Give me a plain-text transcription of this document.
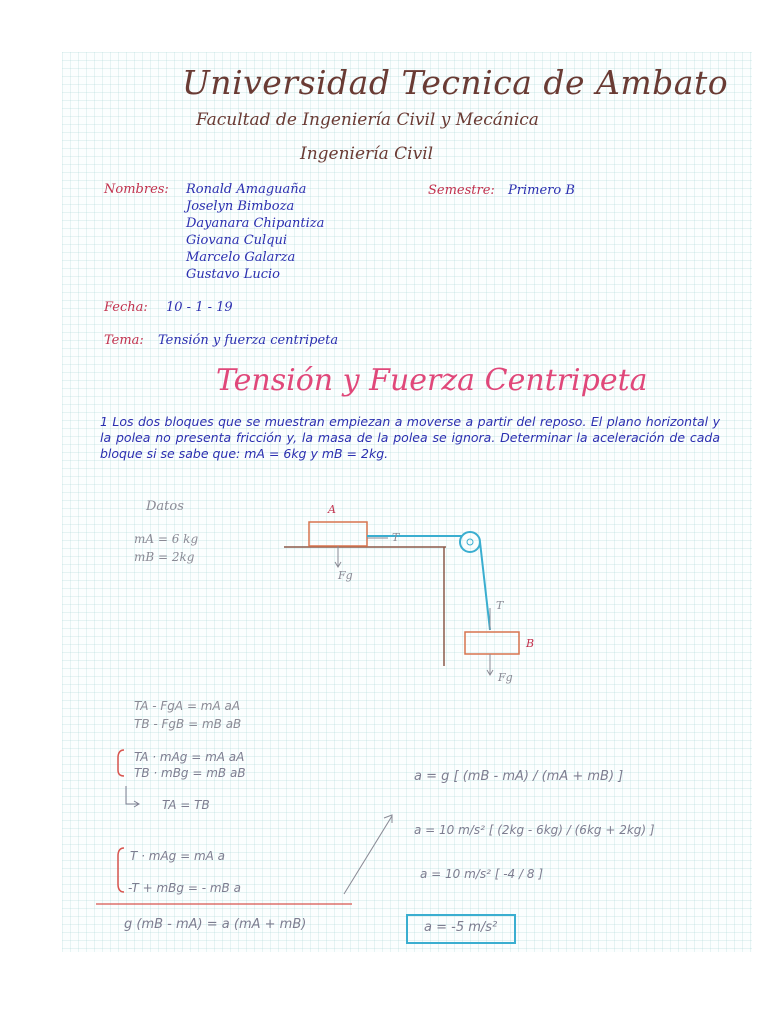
Universidad Tecnica de Ambato
Facultad de Ingeniería Civil y Mecánica
Ingeniería Civil
Nombres: Ronald Amaguaña
Joselyn Bimboza
Dayanara Chipantiza
Giovana Culqui
Marcelo Galarza
Gustavo Lucio
Semestre: Primero B
Fecha: 10 - 1 - 19
Tema: Tensión y fuerza centripeta
Tensión y Fuerza Centripeta
1 Los dos bloques que se muestran empiezan a moverse a partir del reposo. El plano horizontal y la polea no presenta fricción y, la masa de la polea se ignora. Determinar la aceleración de cada bloque si se sabe que: mA = 6kg y mB = 2kg.
Datos
mA = 6 kg
mB = 2kg
A
B
T
T
Fg
Fg
TA - FgA = mA aA
TB - FgB = mB aB
TA · mAg = mA aA
TB · mBg = mB aB
TA = TB
T · mAg = mA a
-T + mBg = - mB a
g (mB - mA) = a (mA + mB)
a = g [ (mB - mA) / (mA + mB) ]
a = 10 m/s² [ (2kg - 6kg) / (6kg + 2kg) ]
a = 10 m/s² [ -4 / 8 ]
a = -5 m/s²
